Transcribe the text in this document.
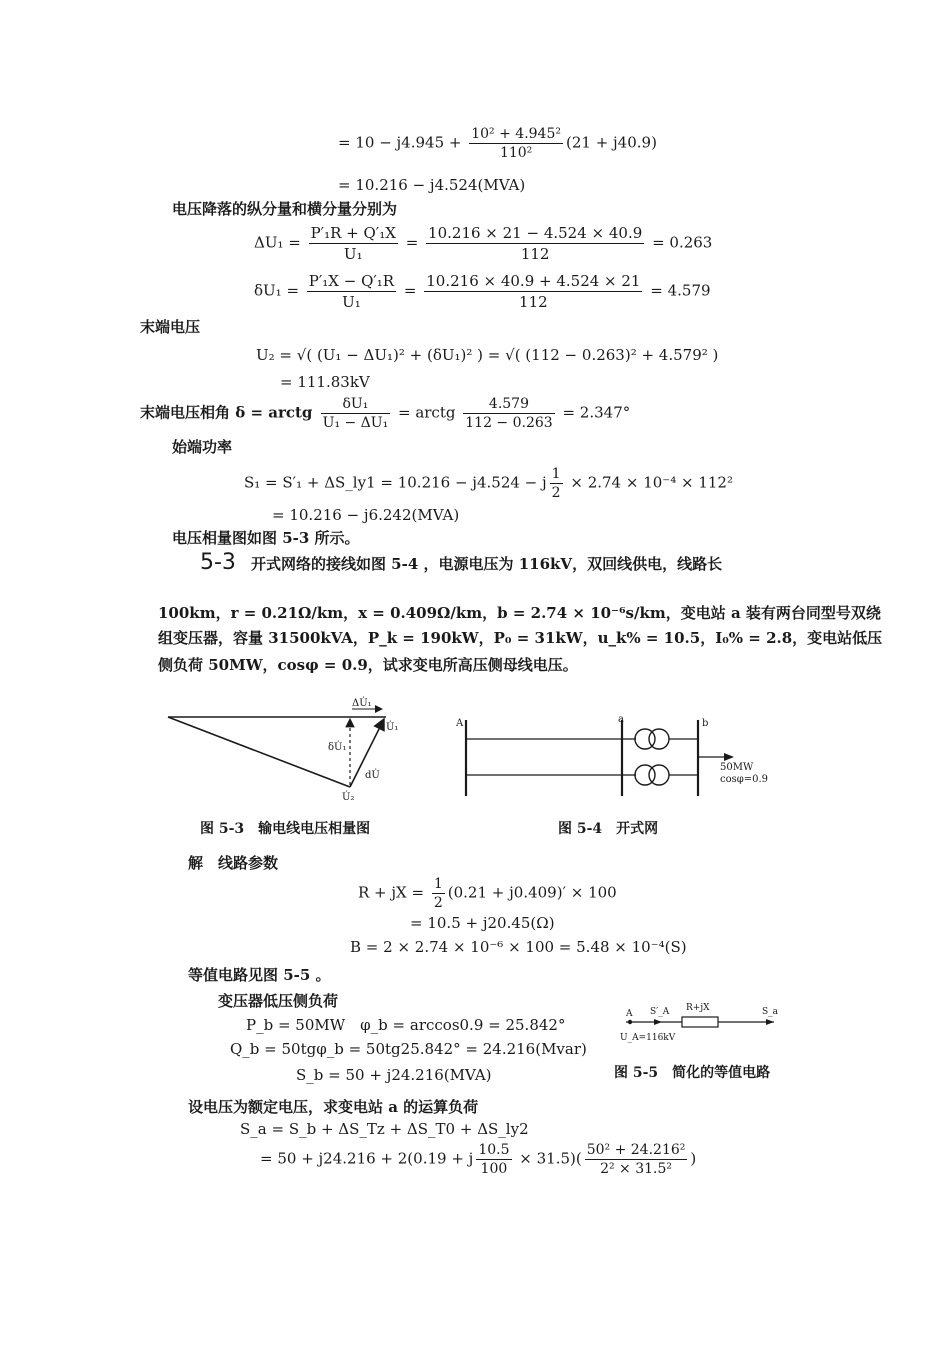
= $10 - j4.945 + \frac{\text{10² + 4.945²}}{\text{110²}} (21 + j40.9)$
= 10.216 − j4.524(MVA)
电压降落的纵分量和横分量分别为
$\Delta U_1 = \frac{\text{P′₁R + Q′₁X}}{\text{U₁}} = \frac{10.216 \times 21 - 4.524 \times 40.9}{112} = 0.263$
$\delta U_1 = \frac{\text{P′₁X − Q′₁R}}{\text{U₁}} = \frac{10.216 \times 40.9 + 4.524 \times 21}{112} = 4.579$
末端电压
U₂ = √( (U₁ − ΔU₁)² + (δU₁)² ) = √( (112 − 0.263)² + 4.579² )
= 111.83kV
末端电压相角 δ = arctg $\frac{\text{δU₁}}{\text{U₁ − ΔU₁}}$ = arctg $\frac{4.579}{112 - 0.263} = 2.347^\circ$
始端功率
S₁ = S′₁ + ΔS_ly1 = 10.216 − j4.524 − j $\frac{1}{2} \times 2.74 \times 10^{-4} \times 112^2$
= 10.216 − j6.242(MVA)
电压相量图如图 5-3 所示。
5-3　 开式网络的接线如图 5-4 ，电源电压为 116kV，双回线供电，线路长
100km，r = 0.21Ω/km，x = 0.409Ω/km，b = 2.74 × 10⁻⁶s/km，变电站 a 装有两台同型号双绕
组变压器，容量 31500kVA，P_k = 190kW，P₀ = 31kW，u_k% = 10.5，I₀% = 2.8，变电站低压
侧负荷 50MW，cosφ = 0.9，试求变电所高压侧母线电压。
ΔU̇₁
U̇₁
δU̇₁
dU̇
U̇₂
图 5-3　输电线电压相量图
A	a	b
50MW
cosφ=0.9
图 5-4　开式网
解　线路参数
R + jX = $\frac{1}{2} (0.21 + j0.409)' \times 100$
= 10.5 + j20.45(Ω)
B = 2 × 2.74 × 10⁻⁶ × 100 = 5.48 × 10⁻⁴(S)
等值电路见图 5-5 。
变压器低压侧负荷
P_b = 50MW　φ_b = arccos0.9 = 25.842°
Q_b = 50tgφ_b = 50tg25.842° = 24.216(Mvar)
S_b = 50 + j24.216(MVA)
A S′_A R+jX	S_a
U_A=116kV
图 5-5　简化的等值电路
设电压为额定电压，求变电站 a 的运算负荷
S_a = S_b + ΔS_Tz + ΔS_T0 + ΔS_ly2
= 50 + j24.216 + 2(0.19 + j $\frac{10.5}{100} \times 31.5)( \frac{\text{50² + 24.216²}}{\text{2² × 31.5²}}$ )
